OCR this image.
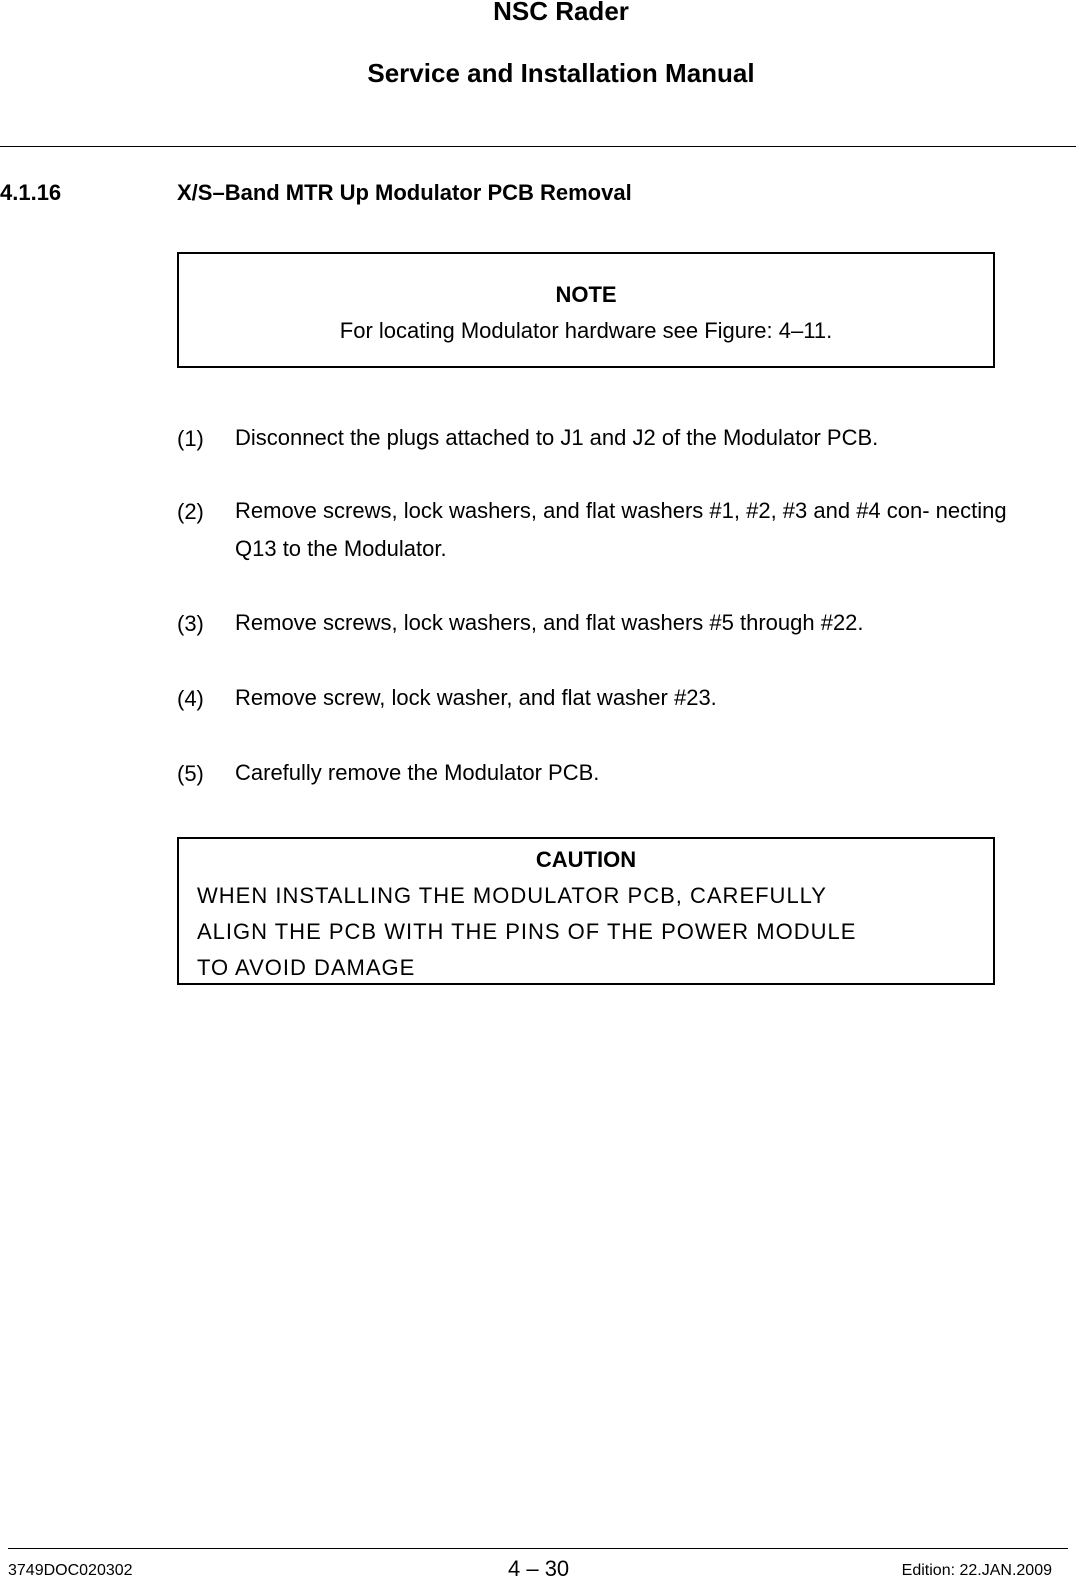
NSC Rader
Service and Installation Manual
4.1.16	X/S–Band MTR Up Modulator PCB Removal
NOTE
For locating Modulator hardware see Figure: 4–11.
(1) Disconnect the plugs attached to J1 and J2 of the Modulator PCB.
(2) Remove screws, lock washers, and flat washers #1, #2, #3 and #4 con- necting Q13 to the Modulator.
(3) Remove screws, lock washers, and flat washers #5 through #22.
(4) Remove screw, lock washer, and flat washer #23.
(5) Carefully remove the Modulator PCB.
CAUTION
WHEN INSTALLING THE MODULATOR PCB, CAREFULLY
ALIGN THE PCB WITH THE PINS OF THE POWER MODULE
TO AVOID DAMAGE
3749DOC020302	4 – 30	Edition: 22.JAN.2009
